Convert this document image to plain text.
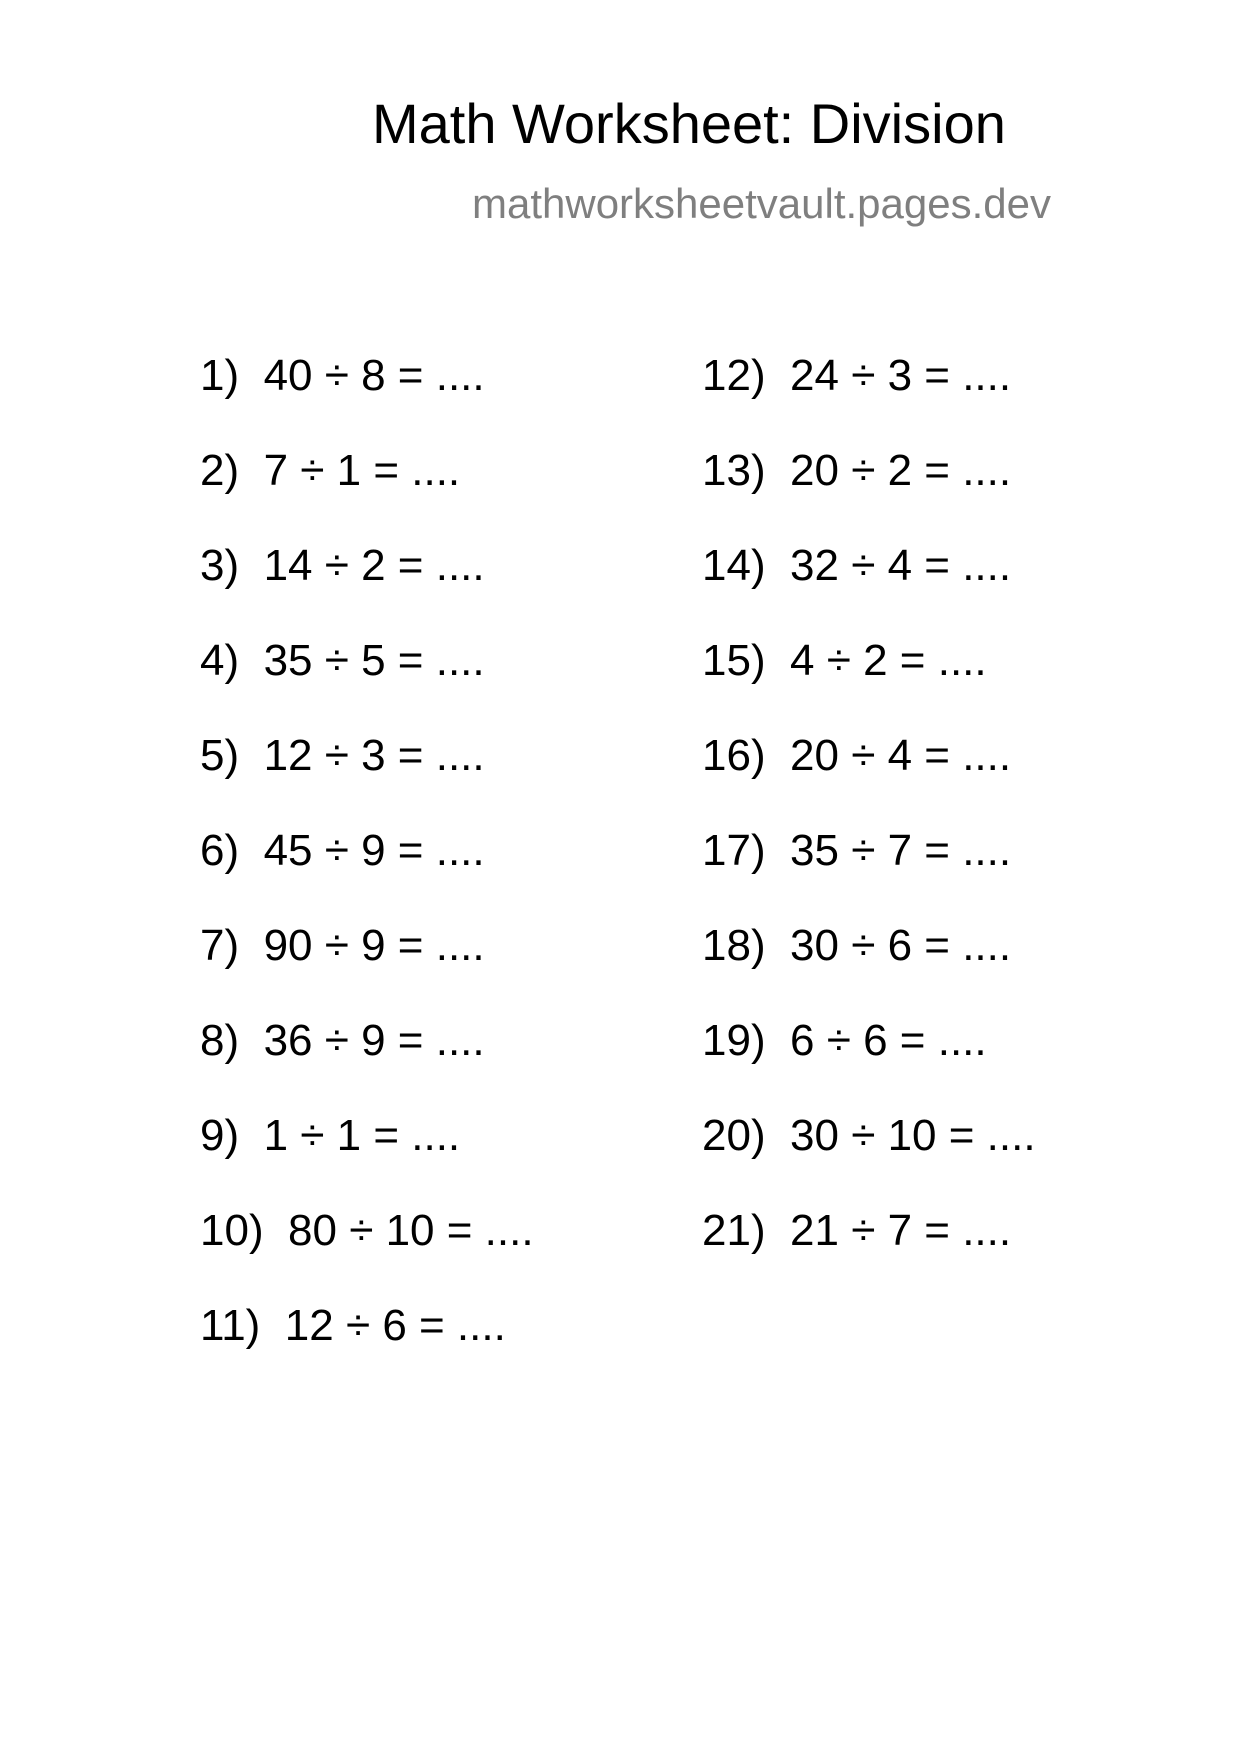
Math Worksheet: Division
mathworksheetvault.pages.dev
1)  40 ÷ 8 = ....
2)  7 ÷ 1 = ....
3)  14 ÷ 2 = ....
4)  35 ÷ 5 = ....
5)  12 ÷ 3 = ....
6)  45 ÷ 9 = ....
7)  90 ÷ 9 = ....
8)  36 ÷ 9 = ....
9)  1 ÷ 1 = ....
10)  80 ÷ 10 = ....
11)  12 ÷ 6 = ....
12)  24 ÷ 3 = ....
13)  20 ÷ 2 = ....
14)  32 ÷ 4 = ....
15)  4 ÷ 2 = ....
16)  20 ÷ 4 = ....
17)  35 ÷ 7 = ....
18)  30 ÷ 6 = ....
19)  6 ÷ 6 = ....
20)  30 ÷ 10 = ....
21)  21 ÷ 7 = ....
